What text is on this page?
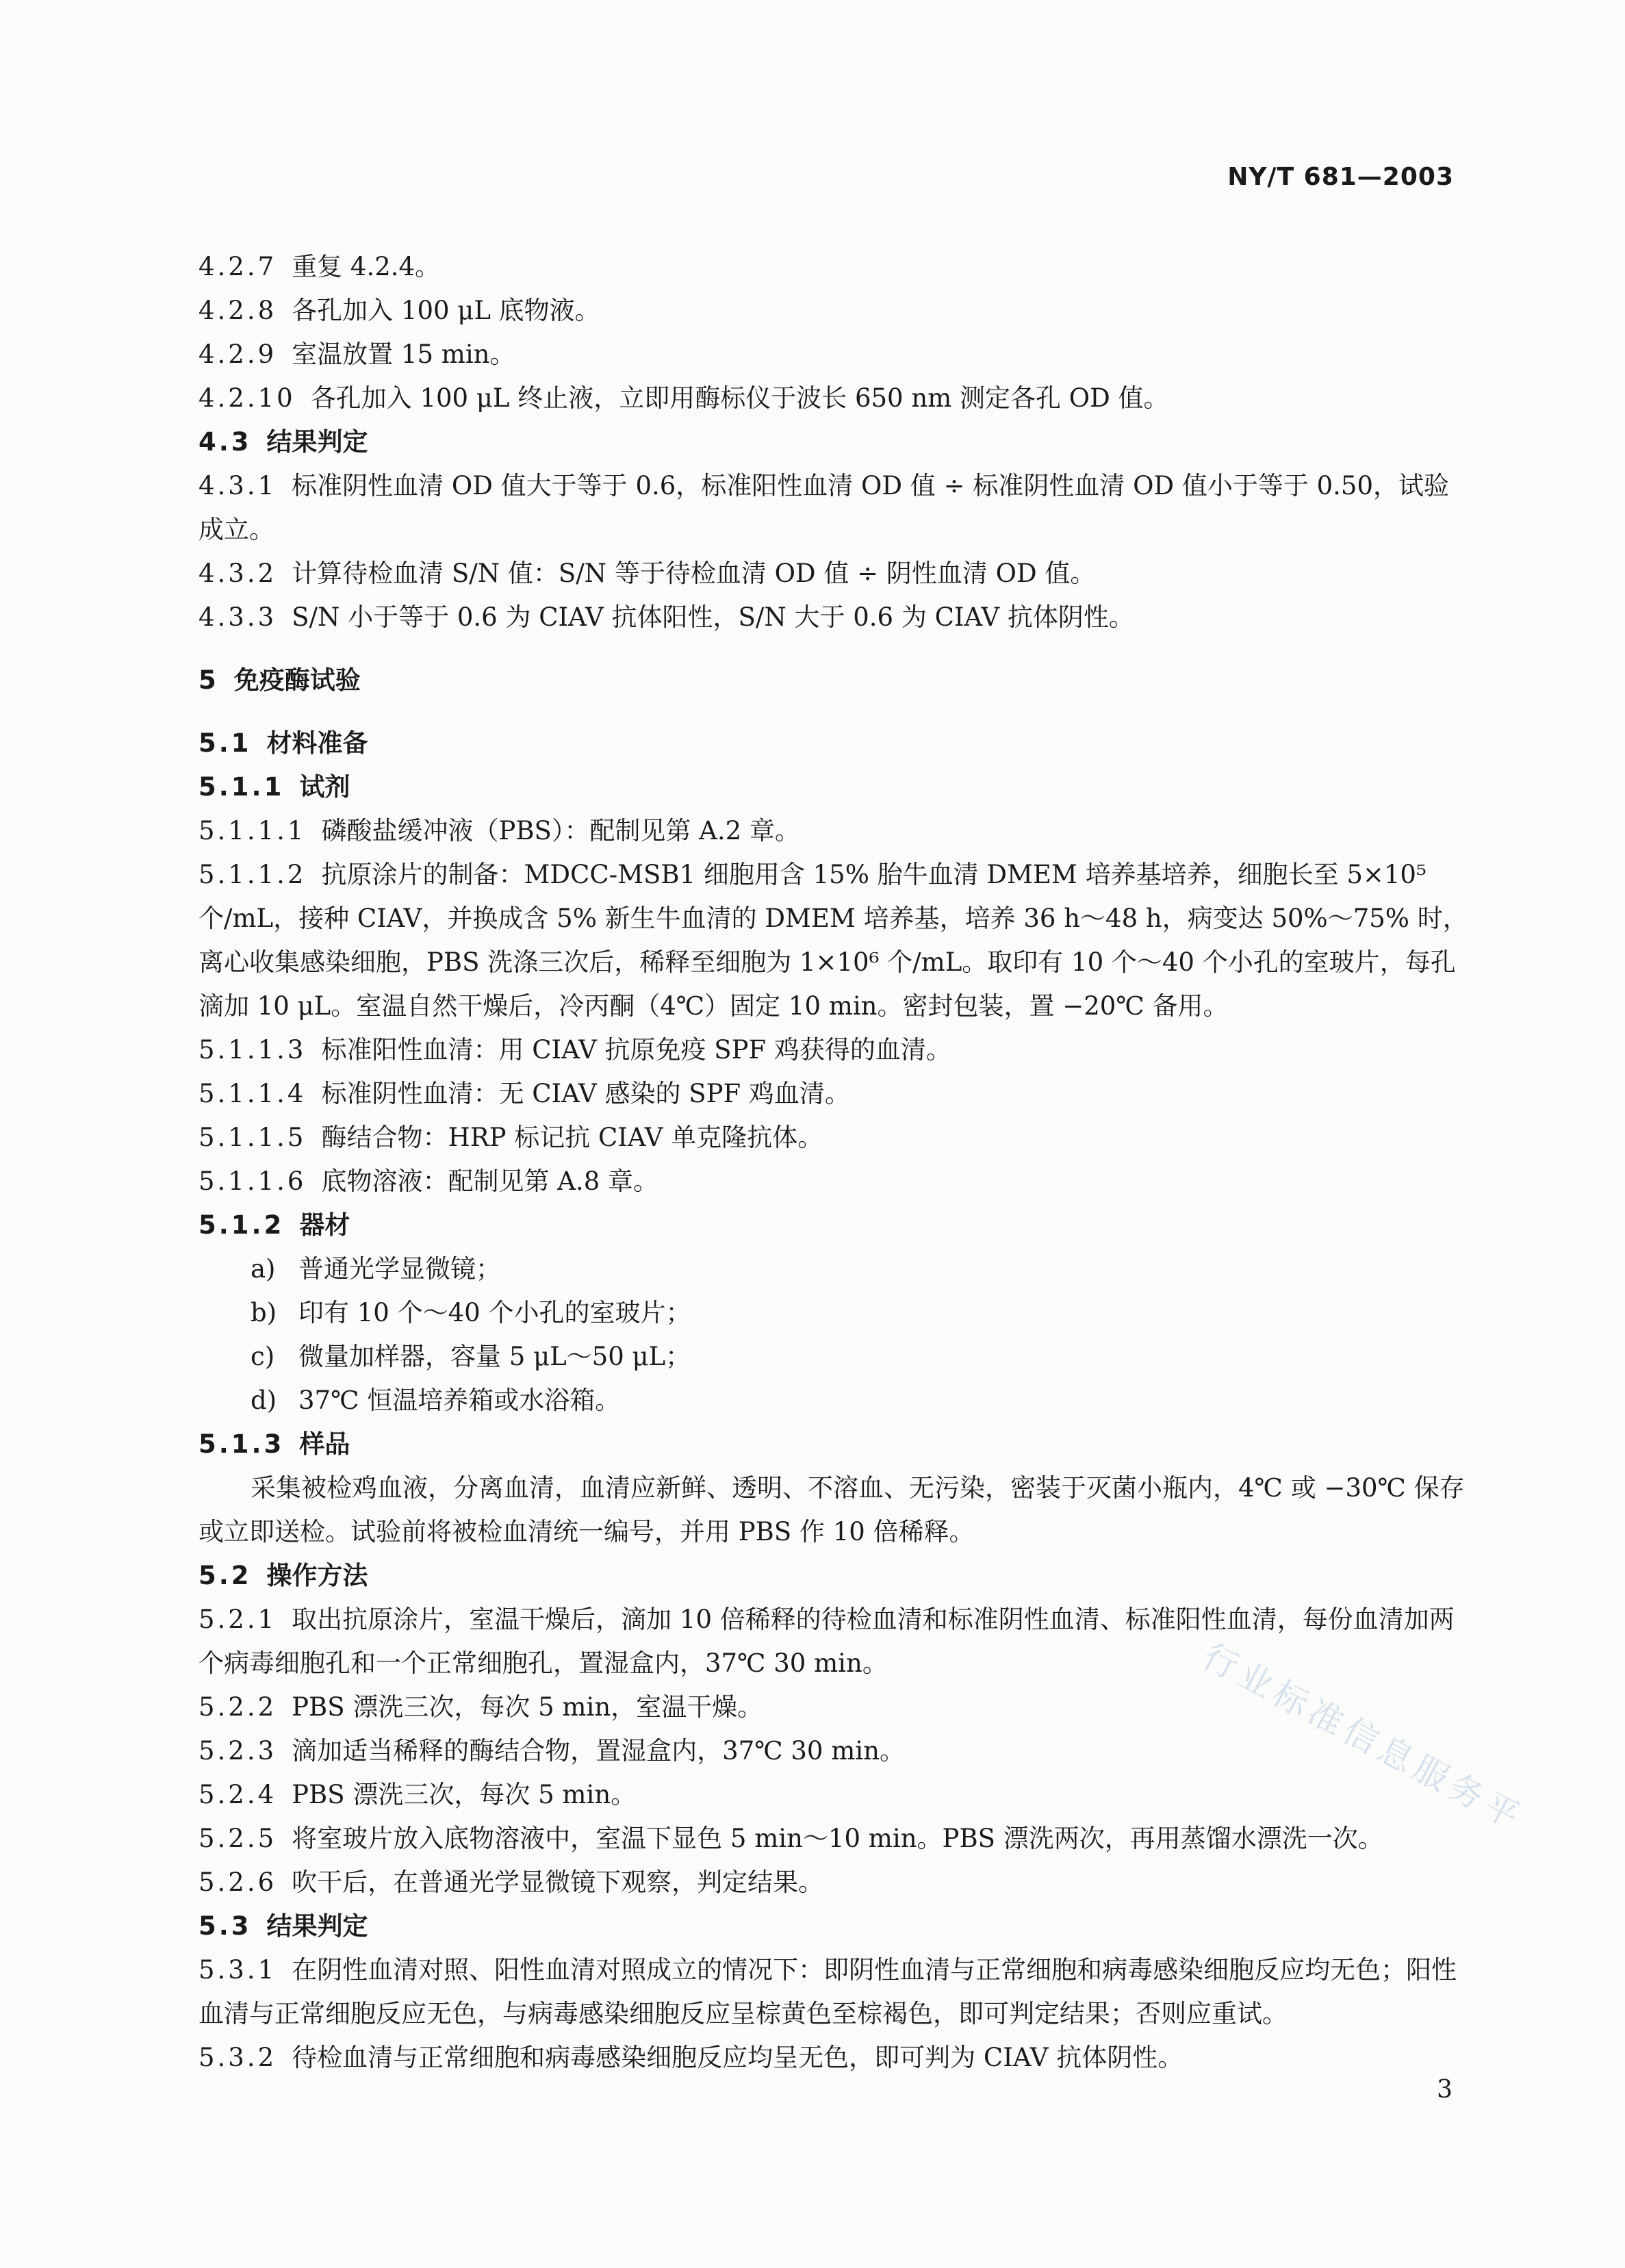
NY/T 681—2003
4.2.7 重复 4.2.4。
4.2.8 各孔加入 100 μL 底物液。
4.2.9 室温放置 15 min。
4.2.10 各孔加入 100 μL 终止液，立即用酶标仪于波长 650 nm 测定各孔 OD 值。
4.3 结果判定
4.3.1 标准阴性血清 OD 值大于等于 0.6，标准阳性血清 OD 值 ÷ 标准阴性血清 OD 值小于等于 0.50，试验成立。
4.3.2 计算待检血清 S/N 值：S/N 等于待检血清 OD 值 ÷ 阴性血清 OD 值。
4.3.3 S/N 小于等于 0.6 为 CIAV 抗体阳性，S/N 大于 0.6 为 CIAV 抗体阴性。
5 免疫酶试验
5.1 材料准备
5.1.1 试剂
5.1.1.1 磷酸盐缓冲液（PBS）：配制见第 A.2 章。
5.1.1.2 抗原涂片的制备：MDCC-MSB1 细胞用含 15% 胎牛血清 DMEM 培养基培养，细胞长至 5×10⁵ 个/mL，接种 CIAV，并换成含 5% 新生牛血清的 DMEM 培养基，培养 36 h～48 h，病变达 50%～75% 时，离心收集感染细胞，PBS 洗涤三次后，稀释至细胞为 1×10⁶ 个/mL。取印有 10 个～40 个小孔的室玻片，每孔滴加 10 μL。室温自然干燥后，冷丙酮（4℃）固定 10 min。密封包装，置 −20℃ 备用。
5.1.1.3 标准阳性血清：用 CIAV 抗原免疫 SPF 鸡获得的血清。
5.1.1.4 标准阴性血清：无 CIAV 感染的 SPF 鸡血清。
5.1.1.5 酶结合物：HRP 标记抗 CIAV 单克隆抗体。
5.1.1.6 底物溶液：配制见第 A.8 章。
5.1.2 器材
a) 普通光学显微镜；
b) 印有 10 个～40 个小孔的室玻片；
c) 微量加样器，容量 5 μL～50 μL；
d) 37℃ 恒温培养箱或水浴箱。
5.1.3 样品
采集被检鸡血液，分离血清，血清应新鲜、透明、不溶血、无污染，密装于灭菌小瓶内，4℃ 或 −30℃ 保存或立即送检。试验前将被检血清统一编号，并用 PBS 作 10 倍稀释。
5.2 操作方法
5.2.1 取出抗原涂片，室温干燥后，滴加 10 倍稀释的待检血清和标准阴性血清、标准阳性血清，每份血清加两个病毒细胞孔和一个正常细胞孔，置湿盒内，37℃ 30 min。
5.2.2 PBS 漂洗三次，每次 5 min，室温干燥。
5.2.3 滴加适当稀释的酶结合物，置湿盒内，37℃ 30 min。
5.2.4 PBS 漂洗三次，每次 5 min。
5.2.5 将室玻片放入底物溶液中，室温下显色 5 min～10 min。PBS 漂洗两次，再用蒸馏水漂洗一次。
5.2.6 吹干后，在普通光学显微镜下观察，判定结果。
5.3 结果判定
5.3.1 在阴性血清对照、阳性血清对照成立的情况下：即阴性血清与正常细胞和病毒感染细胞反应均无色；阳性血清与正常细胞反应无色，与病毒感染细胞反应呈棕黄色至棕褐色，即可判定结果；否则应重试。
5.3.2 待检血清与正常细胞和病毒感染细胞反应均呈无色，即可判为 CIAV 抗体阴性。
3
行业标准信息服务平
